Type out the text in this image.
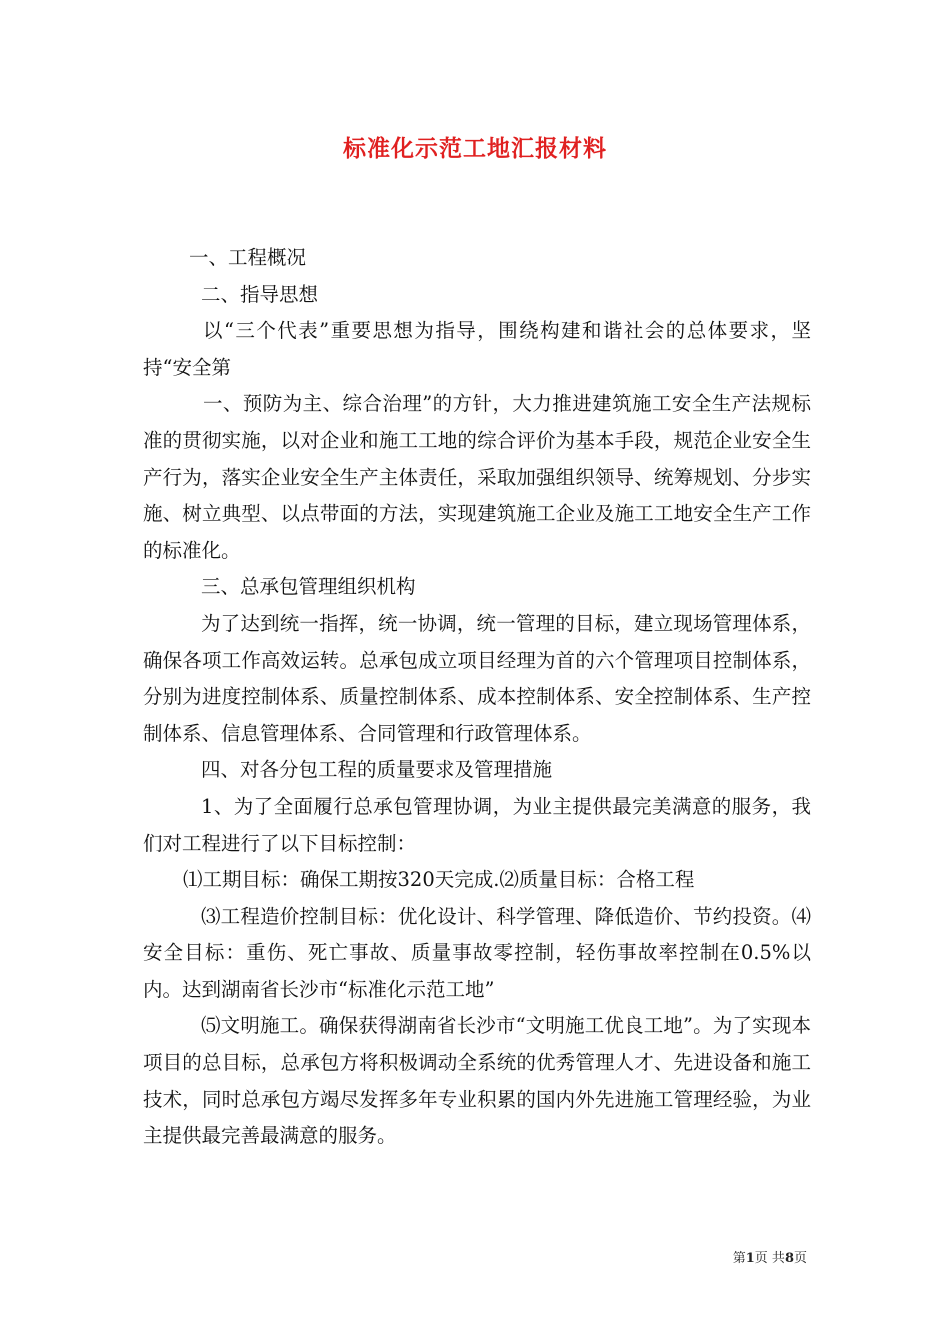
标准化示范工地汇报材料

一、工程概况

二、指导思想

以“三个代表”重要思想为指导，围绕构建和谐社会的总体要求，坚持“安全第

一、预防为主、综合治理”的方针，大力推进建筑施工安全生产法规标准的贯彻实施，以对企业和施工工地的综合评价为基本手段，规范企业安全生产行为，落实企业安全生产主体责任，采取加强组织领导、统筹规划、分步实施、树立典型、以点带面的方法，实现建筑施工企业及施工工地安全生产工作的标准化。

三、总承包管理组织机构

为了达到统一指挥，统一协调，统一管理的目标，建立现场管理体系，确保各项工作高效运转。总承包成立项目经理为首的六个管理项目控制体系，分别为进度控制体系、质量控制体系、成本控制体系、安全控制体系、生产控制体系、信息管理体系、合同管理和行政管理体系。

四、对各分包工程的质量要求及管理措施

1、为了全面履行总承包管理协调，为业主提供最完美满意的服务，我们对工程进行了以下目标控制：

⑴工期目标：确保工期按320天完成.⑵质量目标：合格工程

⑶工程造价控制目标：优化设计、科学管理、降低造价、节约投资。⑷安全目标：重伤、死亡事故、质量事故零控制，轻伤事故率控制在0.5%以内。达到湖南省长沙市“标准化示范工地”

⑸文明施工。确保获得湖南省长沙市“文明施工优良工地”。为了实现本项目的总目标，总承包方将积极调动全系统的优秀管理人才、先进设备和施工技术，同时总承包方竭尽发挥多年专业积累的国内外先进施工管理经验，为业主提供最完善最满意的服务。

第1页 共8页
